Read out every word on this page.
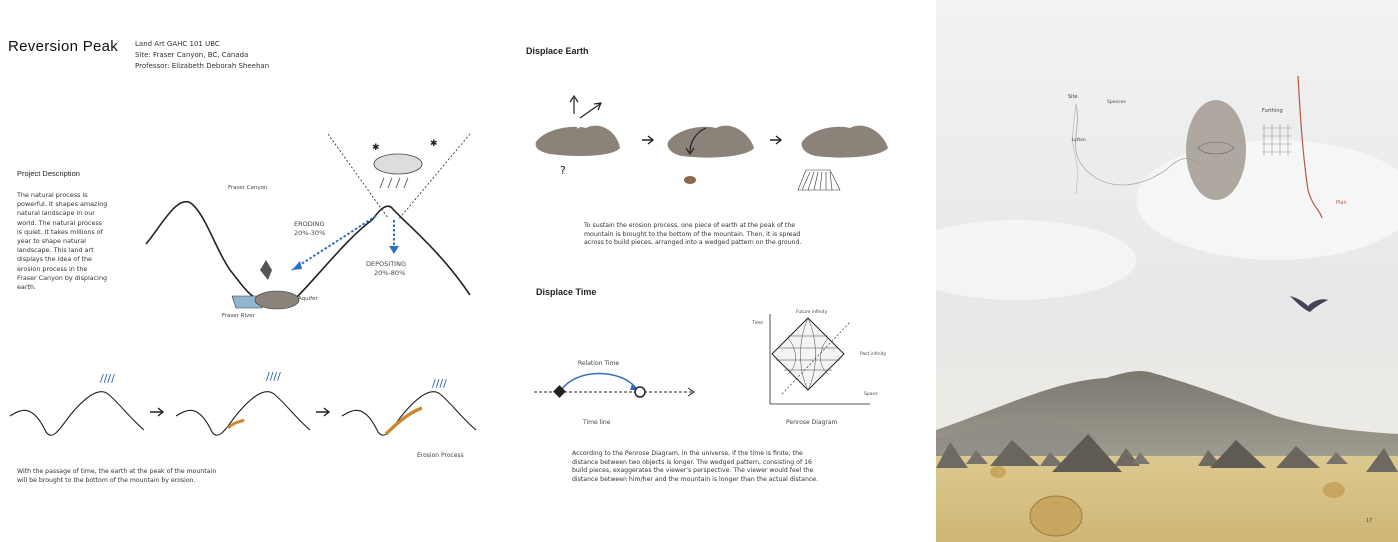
Reversion Peak Land Art GAHC 101 UBC
Site: Fraser Canyon, BC, Canada
Professor: Elizabeth Deborah Sheehan
Project Description
The natural process is
powerful. It shapes amazing
natural landscape in our
world. The natural process
is quiet. It takes millions of
year to shape natural
landscape. This land art
displays the idea of the
erosion process in the
Fraser Canyon by displacing
earth.
✱	✱
Fraser Canyon
ERODING
20%-30%
DEPOSITING
20%-80%
Fraser River
Aquifer
////	////
////
Erosion Process
With the passage of time, the earth at the peak of the mountain
will be brought to the bottom of the mountain by erosion.
Displace Earth
?
To sustain the erosion process, one piece of earth at the peak of the
mountain is brought to the bottom of the mountain. Then, it is spread
across to build pieces, arranged into a wedged pattern on the ground.
Displace Time
Relation Time
Time line
Future infinity
Past infinity
Time
Space
Penrose Diagram
According to the Penrose Diagram, in the universe, if the time is finite, the
distance between two objects is longer. The wedged pattern, consisting of 16
build pieces, exaggerates the viewer's perspective. The viewer would feel the
distance between him/her and the mountain is longer than the actual distance.
Site
Spences
Lytton
Furthing
Plan
17
